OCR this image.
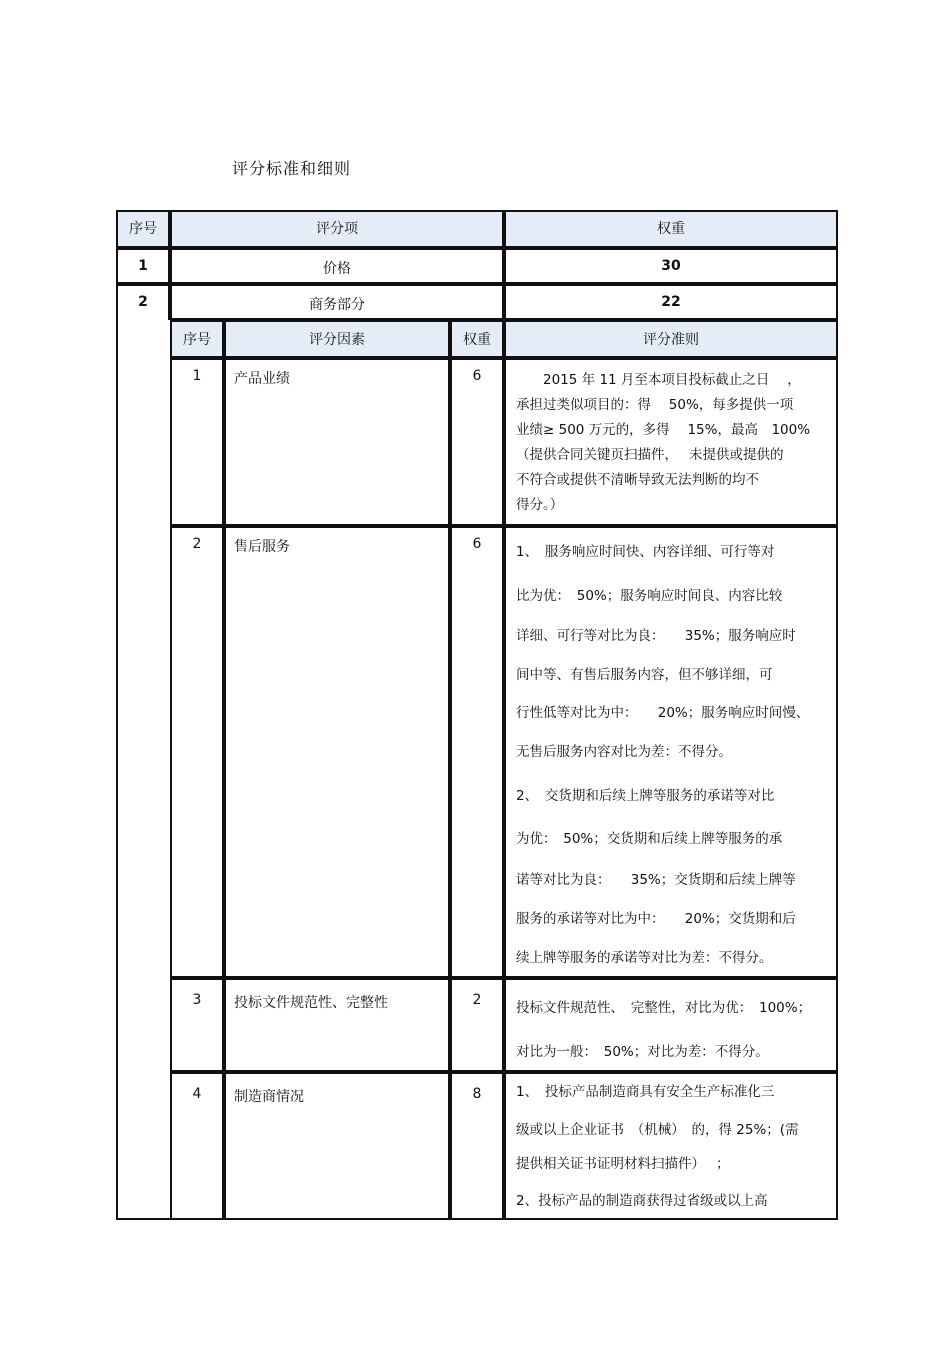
评分标准和细则
序号	评分项	权重
1	价格	30
2	商务部分	22
序号	评分因素	权重	评分准则
1	产品业绩	6	　　2015 年 11 月至本项目投标截止之日　 ，
承担过类似项目的：得　 50%，每多提供一项
业绩≥ 500 万元的，多得　 15%，最高　100%
（提供合同关键页扫描件，　 未提供或提供的
不符合或提供不清晰导致无法判断的均不
得分。）
2	售后服务	6	1、　服务响应时间快、内容详细、可行等对
比为优：　50%；服务响应时间良、内容比较
详细、可行等对比为良：　　35%；服务响应时
间中等、有售后服务内容，但不够详细，可
行性低等对比为中：　　20%；服务响应时间慢、
无售后服务内容对比为差：不得分。
2、　交货期和后续上牌等服务的承诺等对比
为优：　50%；交货期和后续上牌等服务的承
诺等对比为良：　　35%；交货期和后续上牌等
服务的承诺等对比为中：　　20%；交货期和后
续上牌等服务的承诺等对比为差：不得分。
3	投标文件规范性、完整性	2	投标文件规范性、　完整性，对比为优：　100%；
对比为一般：　50%；对比为差：不得分。
4	制造商情况	8	1、　投标产品制造商具有安全生产标准化三
级或以上企业证书　（机械）　的，得 25%；(需
提供相关证书证明材料扫描件）　 ；
2、投标产品的制造商获得过省级或以上高
